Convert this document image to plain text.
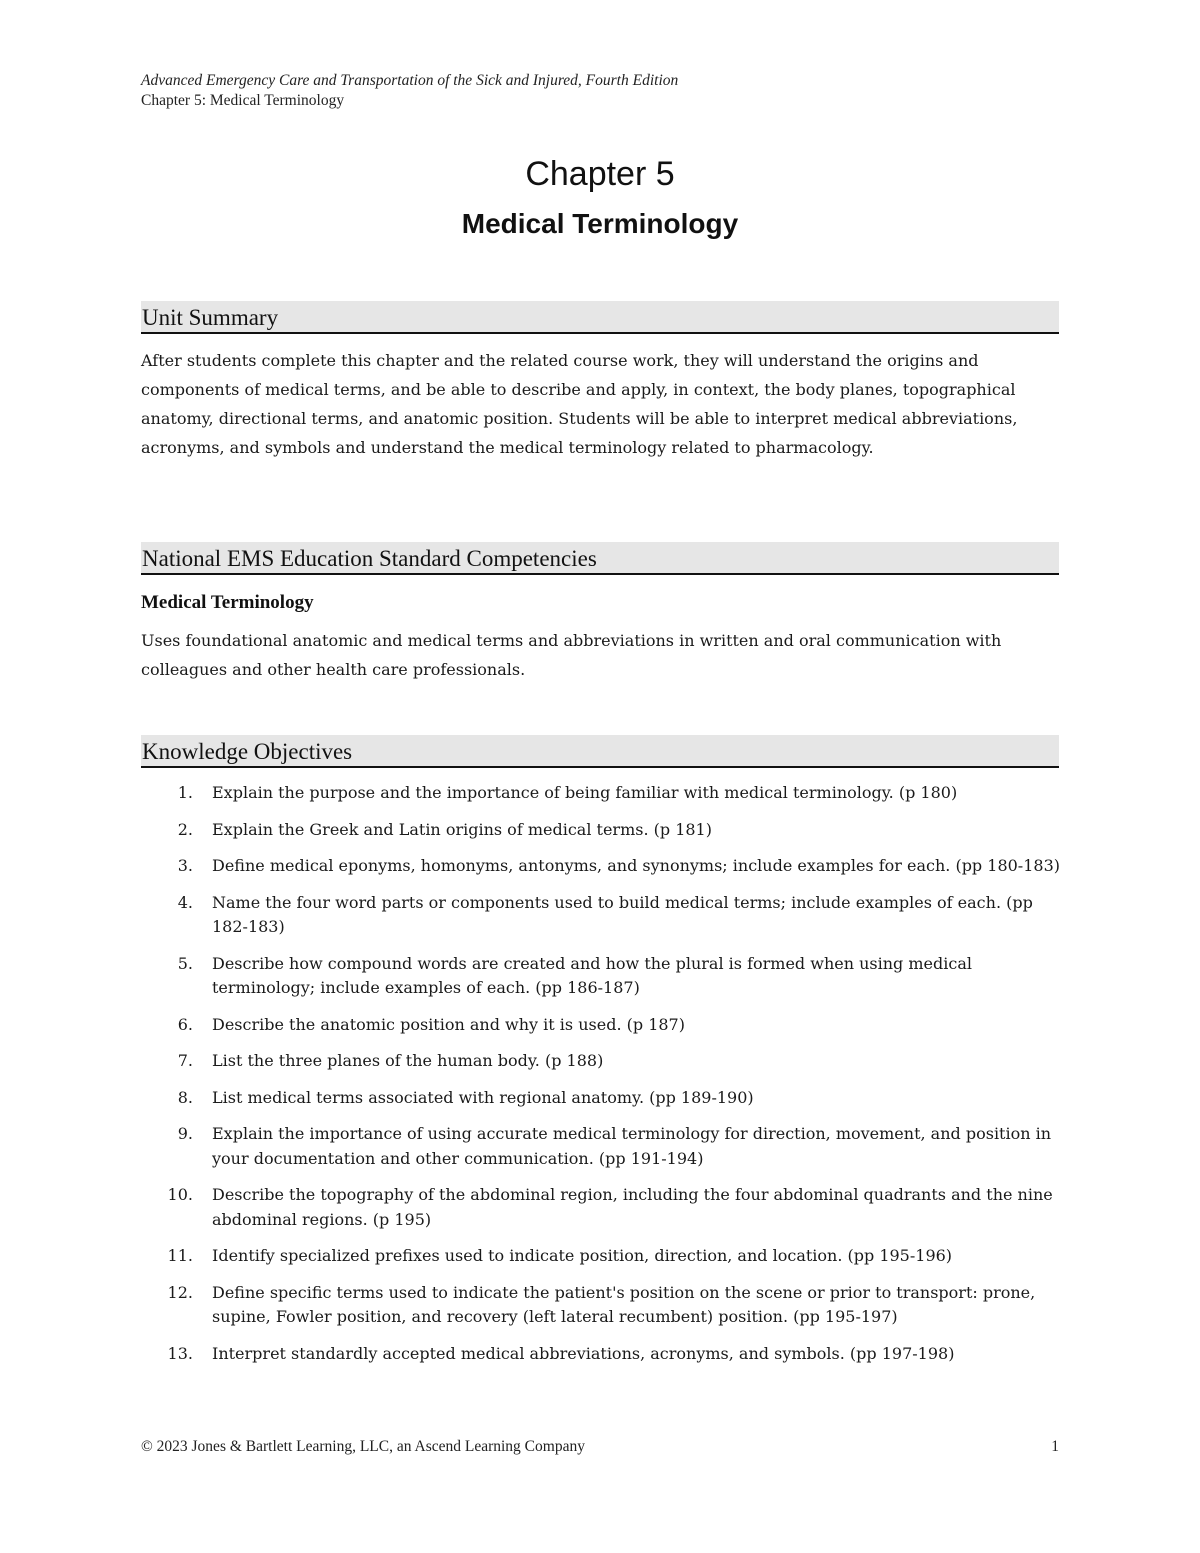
Advanced Emergency Care and Transportation of the Sick and Injured, Fourth Edition
Chapter 5: Medical Terminology
Chapter 5
Medical Terminology
Unit Summary
After students complete this chapter and the related course work, they will understand the origins and components of medical terms, and be able to describe and apply, in context, the body planes, topographical anatomy, directional terms, and anatomic position. Students will be able to interpret medical abbreviations, acronyms, and symbols and understand the medical terminology related to pharmacology.
National EMS Education Standard Competencies
Medical Terminology
Uses foundational anatomic and medical terms and abbreviations in written and oral communication with colleagues and other health care professionals.
Knowledge Objectives
1. Explain the purpose and the importance of being familiar with medical terminology. (p 180)
2. Explain the Greek and Latin origins of medical terms. (p 181)
3. Define medical eponyms, homonyms, antonyms, and synonyms; include examples for each. (pp 180-183)
4. Name the four word parts or components used to build medical terms; include examples of each. (pp 182-183)
5. Describe how compound words are created and how the plural is formed when using medical terminology; include examples of each. (pp 186-187)
6. Describe the anatomic position and why it is used. (p 187)
7. List the three planes of the human body. (p 188)
8. List medical terms associated with regional anatomy. (pp 189-190)
9. Explain the importance of using accurate medical terminology for direction, movement, and position in your documentation and other communication. (pp 191-194)
10. Describe the topography of the abdominal region, including the four abdominal quadrants and the nine abdominal regions. (p 195)
11. Identify specialized prefixes used to indicate position, direction, and location. (pp 195-196)
12. Define specific terms used to indicate the patient's position on the scene or prior to transport: prone, supine, Fowler position, and recovery (left lateral recumbent) position. (pp 195-197)
13. Interpret standardly accepted medical abbreviations, acronyms, and symbols. (pp 197-198)
© 2023 Jones & Bartlett Learning, LLC, an Ascend Learning Company	1
